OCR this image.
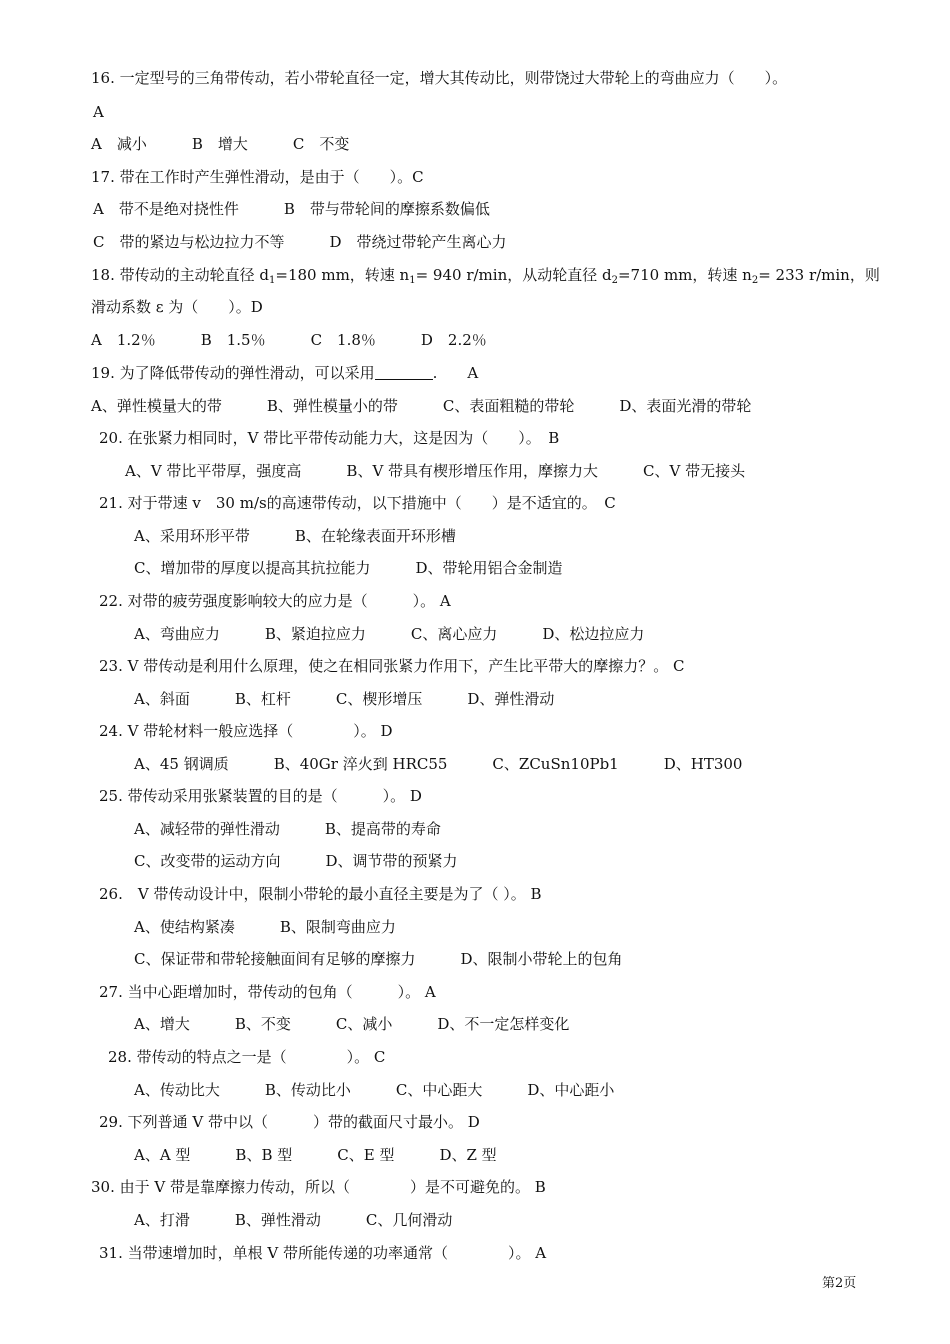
16. 一定型号的三角带传动，若小带轮直径一定，增大其传动比，则带饶过大带轮上的弯曲应力（　　）。
A
A　减小　　　B　增大　　　C　不变
17. 带在工作时产生弹性滑动，是由于（　　）。C
A　带不是绝对挠性件　　　B　带与带轮间的摩擦系数偏低
C　带的紧边与松边拉力不等　　　D　带绕过带轮产生离心力
18. 带传动的主动轮直径 $d_1=180$ mm，转速 $n_1= 940$ r/min，从动轮直径 $d_2=710$ mm，转速 $n_2= 233$ r/min，则
滑动系数 ε 为（　　）。D
A　1.2％　　　B　1.5％　　　C　1.8％　　　D　2.2％
19. 为了降低带传动的弹性滑动，可以采用	.　　A
A、弹性模量大的带　　　B、弹性模量小的带　　　C、表面粗糙的带轮　　　D、表面光滑的带轮
20. 在张紧力相同时，V 带比平带传动能力大，这是因为（　　）。　B
A、V 带比平带厚，强度高　　　B、V 带具有楔形增压作用，摩擦力大　　　C、V 带无接头
21. 对于带速 v　30 m/s的高速带传动，以下措施中（　　）是不适宜的。　C
A、采用环形平带　　　B、在轮缘表面开环形槽
C、增加带的厚度以提高其抗拉能力　　　D、带轮用铝合金制造
22. 对带的疲劳强度影响较大的应力是（　　　）。 A
A、弯曲应力　　　B、紧迫拉应力　　　C、离心应力　　　D、松边拉应力
23. V 带传动是利用什么原理，使之在相同张紧力作用下，产生比平带大的摩擦力？。 C
A、斜面　　　B、杠杆　　　C、楔形增压　　　D、弹性滑动
24. V 带轮材料一般应选择（　　　　）。 D
A、45 钢调质　　　B、40Gr 淬火到 HRC55　　　C、ZCuSn10Pb1　　　D、HT300
25. 带传动采用张紧装置的目的是（　　　）。 D
A、减轻带的弹性滑动　　　B、提高带的寿命
C、改变带的运动方向　　　D、调节带的预紧力
26.　V 带传动设计中，限制小带轮的最小直径主要是为了（ ）。 B
A、使结构紧凑　　　B、限制弯曲应力
C、保证带和带轮接触面间有足够的摩擦力　　　D、限制小带轮上的包角
27. 当中心距增加时，带传动的包角（　　　）。 A
A、增大　　　B、不变　　　C、减小　　　D、不一定怎样变化
28. 带传动的特点之一是（　　　　）。 C
A、传动比大　　　B、传动比小　　　C、中心距大　　　D、中心距小
29. 下列普通 V 带中以（　　　）带的截面尺寸最小。 D
A、A 型　　　B、B 型　　　C、E 型　　　D、Z 型
30. 由于 V 带是靠摩擦力传动，所以（　　　　）是不可避免的。 B
A、打滑　　　B、弹性滑动　　　C、几何滑动
31. 当带速增加时，单根 V 带所能传递的功率通常（　　　　）。 A
第2页
